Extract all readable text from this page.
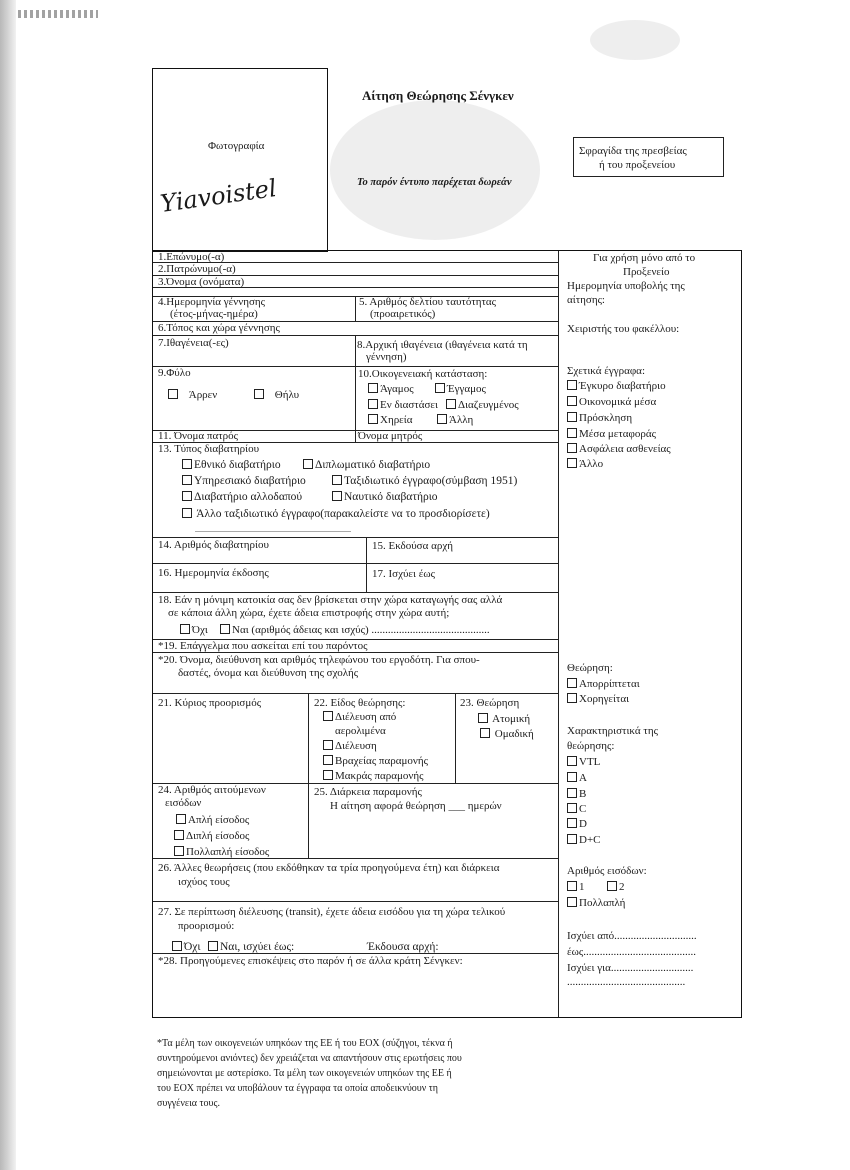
Φωτογραφία
Yiavoistel
Αίτηση Θεώρησης Σένγκεν
Το παρόν έντυπο παρέχεται δωρεάν
Σφραγίδα της πρεσβείας
ή του προξενείου
1.Επώνυμο(-α)
2.Πατρώνυμο(-α)
3.Όνομα (ονόματα)
4.Ημερομηνία γέννησης
(έτος-μήνας-ημέρα)
5. Αριθμός δελτίου ταυτότητας
(προαιρετικός)
6.Τόπος και χώρα γέννησης
7.Ιθαγένεια(-ες)	8.Αρχική ιθαγένεια (ιθαγένεια κατά τη
γέννηση)
9.Φύλο
Άρρεν	Θήλυ
10.Οικογενειακή κατάσταση:
Άγαμος	Έγγαμος
Εν διαστάσει	Διαζευγμένος
Χηρεία	Άλλη
11. Όνομα πατρός	Όνομα μητρός
13. Τύπος διαβατηρίου
Εθνικό διαβατήριο	Διπλωματικό διαβατήριο
Υπηρεσιακό διαβατήριο	Ταξιδιωτικό έγγραφο(σύμβαση 1951)
Διαβατήριο αλλοδαπού	Ναυτικό διαβατήριο
Άλλο ταξιδιωτικό έγγραφο(παρακαλείστε να το προσδιορίσετε)
..............................................................................
14. Αριθμός διαβατηρίου	15. Εκδούσα αρχή
16. Ημερομηνία έκδοσης	17. Ισχύει έως
18. Εάν η μόνιμη κατοικία σας δεν βρίσκεται στην χώρα καταγωγής σας αλλά
σε κάποια άλλη χώρα, έχετε άδεια επιστροφής στην χώρα αυτή;
Όχι	Ναι (αριθμός άδειας και ισχύς) ...........................................
*19. Επάγγελμα που ασκείται επί του παρόντος
*20. Όνομα, διεύθυνση και αριθμός τηλεφώνου του εργοδότη. Για σπου-
δαστές, όνομα και διεύθυνση της σχολής
21. Κύριος προορισμός	22. Είδος θεώρησης:
Διέλευση από
αερολιμένα
Διέλευση
Βραχείας παραμονής
Μακράς παραμονής
23. Θεώρηση
Ατομική
Ομαδική
24. Αριθμός αιτούμενων
εισόδων
Απλή είσοδος
Διπλή είσοδος
Πολλαπλή είσοδος
25. Διάρκεια παραμονής
Η αίτηση αφορά θεώρηση ___ ημερών
26. Άλλες θεωρήσεις (που εκδόθηκαν τα τρία προηγούμενα έτη) και διάρκεια
ισχύος τους
27. Σε περίπτωση διέλευσης (transit), έχετε άδεια εισόδου για τη χώρα τελικού
προορισμού:
Όχι	Ναι, ισχύει έως:	Έκδουσα αρχή:
*28. Προηγούμενες επισκέψεις στο παρόν ή σε άλλα κράτη Σένγκεν:
Για χρήση μόνο από το
Προξενείο
Ημερομηνία υποβολής της
αίτησης:
Χειριστής του φακέλλου:
Σχετικά έγγραφα:
Έγκυρο διαβατήριο
Οικονομικά μέσα
Πρόσκληση
Μέσα μεταφοράς
Ασφάλεια ασθενείας
Άλλο
Θεώρηση:
Απορρίπτεται
Χορηγείται
Χαρακτηριστικά της
θεώρησης:
VTL
A
B
C
D
D+C
Αριθμός εισόδων:
1	2
Πολλαπλή
Ισχύει από..............................
έως.........................................
Ισχύει για..............................
...........................................
*Τα μέλη των οικογενειών υπηκόων της ΕΕ ή του ΕΟΧ (σύζηγοι, τέκνα ή
συντηρούμενοι ανιόντες) δεν χρειάζεται να απαντήσουν στις ερωτήσεις που
σημειώνονται με αστερίσκο. Τα μέλη των οικογενειών υπηκόων της ΕΕ ή
του ΕΟΧ πρέπει να υποβάλουν τα έγγραφα τα οποία αποδεικνύουν τη
συγγένεια τους.
